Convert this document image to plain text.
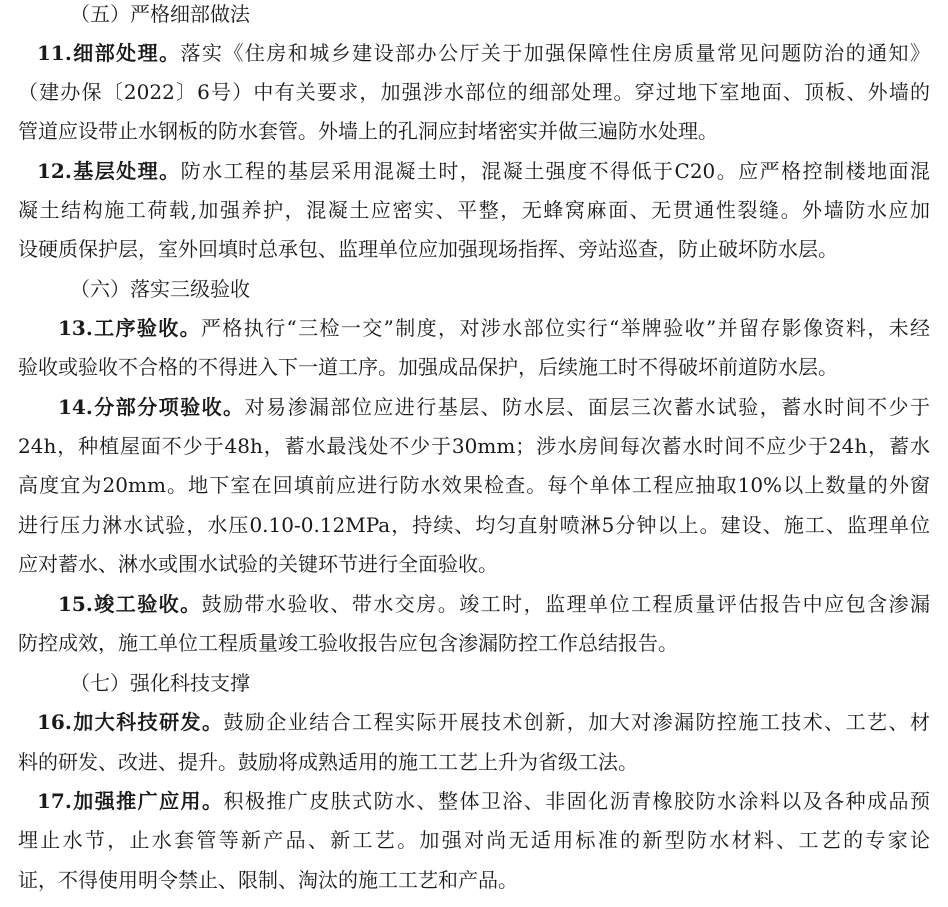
（五）严格细部做法
11.细部处理。落实《住房和城乡建设部办公厅关于加强保障性住房质量常见问题防治的通知》
（建办保〔2022〕6号）中有关要求，加强涉水部位的细部处理。穿过地下室地面、顶板、外墙的
管道应设带止水钢板的防水套管。外墙上的孔洞应封堵密实并做三遍防水处理。
12.基层处理。防水工程的基层采用混凝土时，混凝土强度不得低于C20。应严格控制楼地面混
凝土结构施工荷载,加强养护，混凝土应密实、平整，无蜂窝麻面、无贯通性裂缝。外墙防水应加
设硬质保护层，室外回填时总承包、监理单位应加强现场指挥、旁站巡查，防止破坏防水层。
（六）落实三级验收
13.工序验收。严格执行“三检一交”制度，对涉水部位实行“举牌验收”并留存影像资料，未经
验收或验收不合格的不得进入下一道工序。加强成品保护，后续施工时不得破坏前道防水层。
14.分部分项验收。对易渗漏部位应进行基层、防水层、面层三次蓄水试验，蓄水时间不少于
24h，种植屋面不少于48h，蓄水最浅处不少于30mm；涉水房间每次蓄水时间不应少于24h，蓄水
高度宜为20mm。地下室在回填前应进行防水效果检查。每个单体工程应抽取10%以上数量的外窗
进行压力淋水试验，水压0.10-0.12MPa，持续、均匀直射喷淋5分钟以上。建设、施工、监理单位
应对蓄水、淋水或围水试验的关键环节进行全面验收。
15.竣工验收。鼓励带水验收、带水交房。竣工时，监理单位工程质量评估报告中应包含渗漏
防控成效，施工单位工程质量竣工验收报告应包含渗漏防控工作总结报告。
（七）强化科技支撑
16.加大科技研发。鼓励企业结合工程实际开展技术创新，加大对渗漏防控施工技术、工艺、材
料的研发、改进、提升。鼓励将成熟适用的施工工艺上升为省级工法。
17.加强推广应用。积极推广皮肤式防水、整体卫浴、非固化沥青橡胶防水涂料以及各种成品预
埋止水节，止水套管等新产品、新工艺。加强对尚无适用标准的新型防水材料、工艺的专家论
证，不得使用明令禁止、限制、淘汰的施工工艺和产品。
